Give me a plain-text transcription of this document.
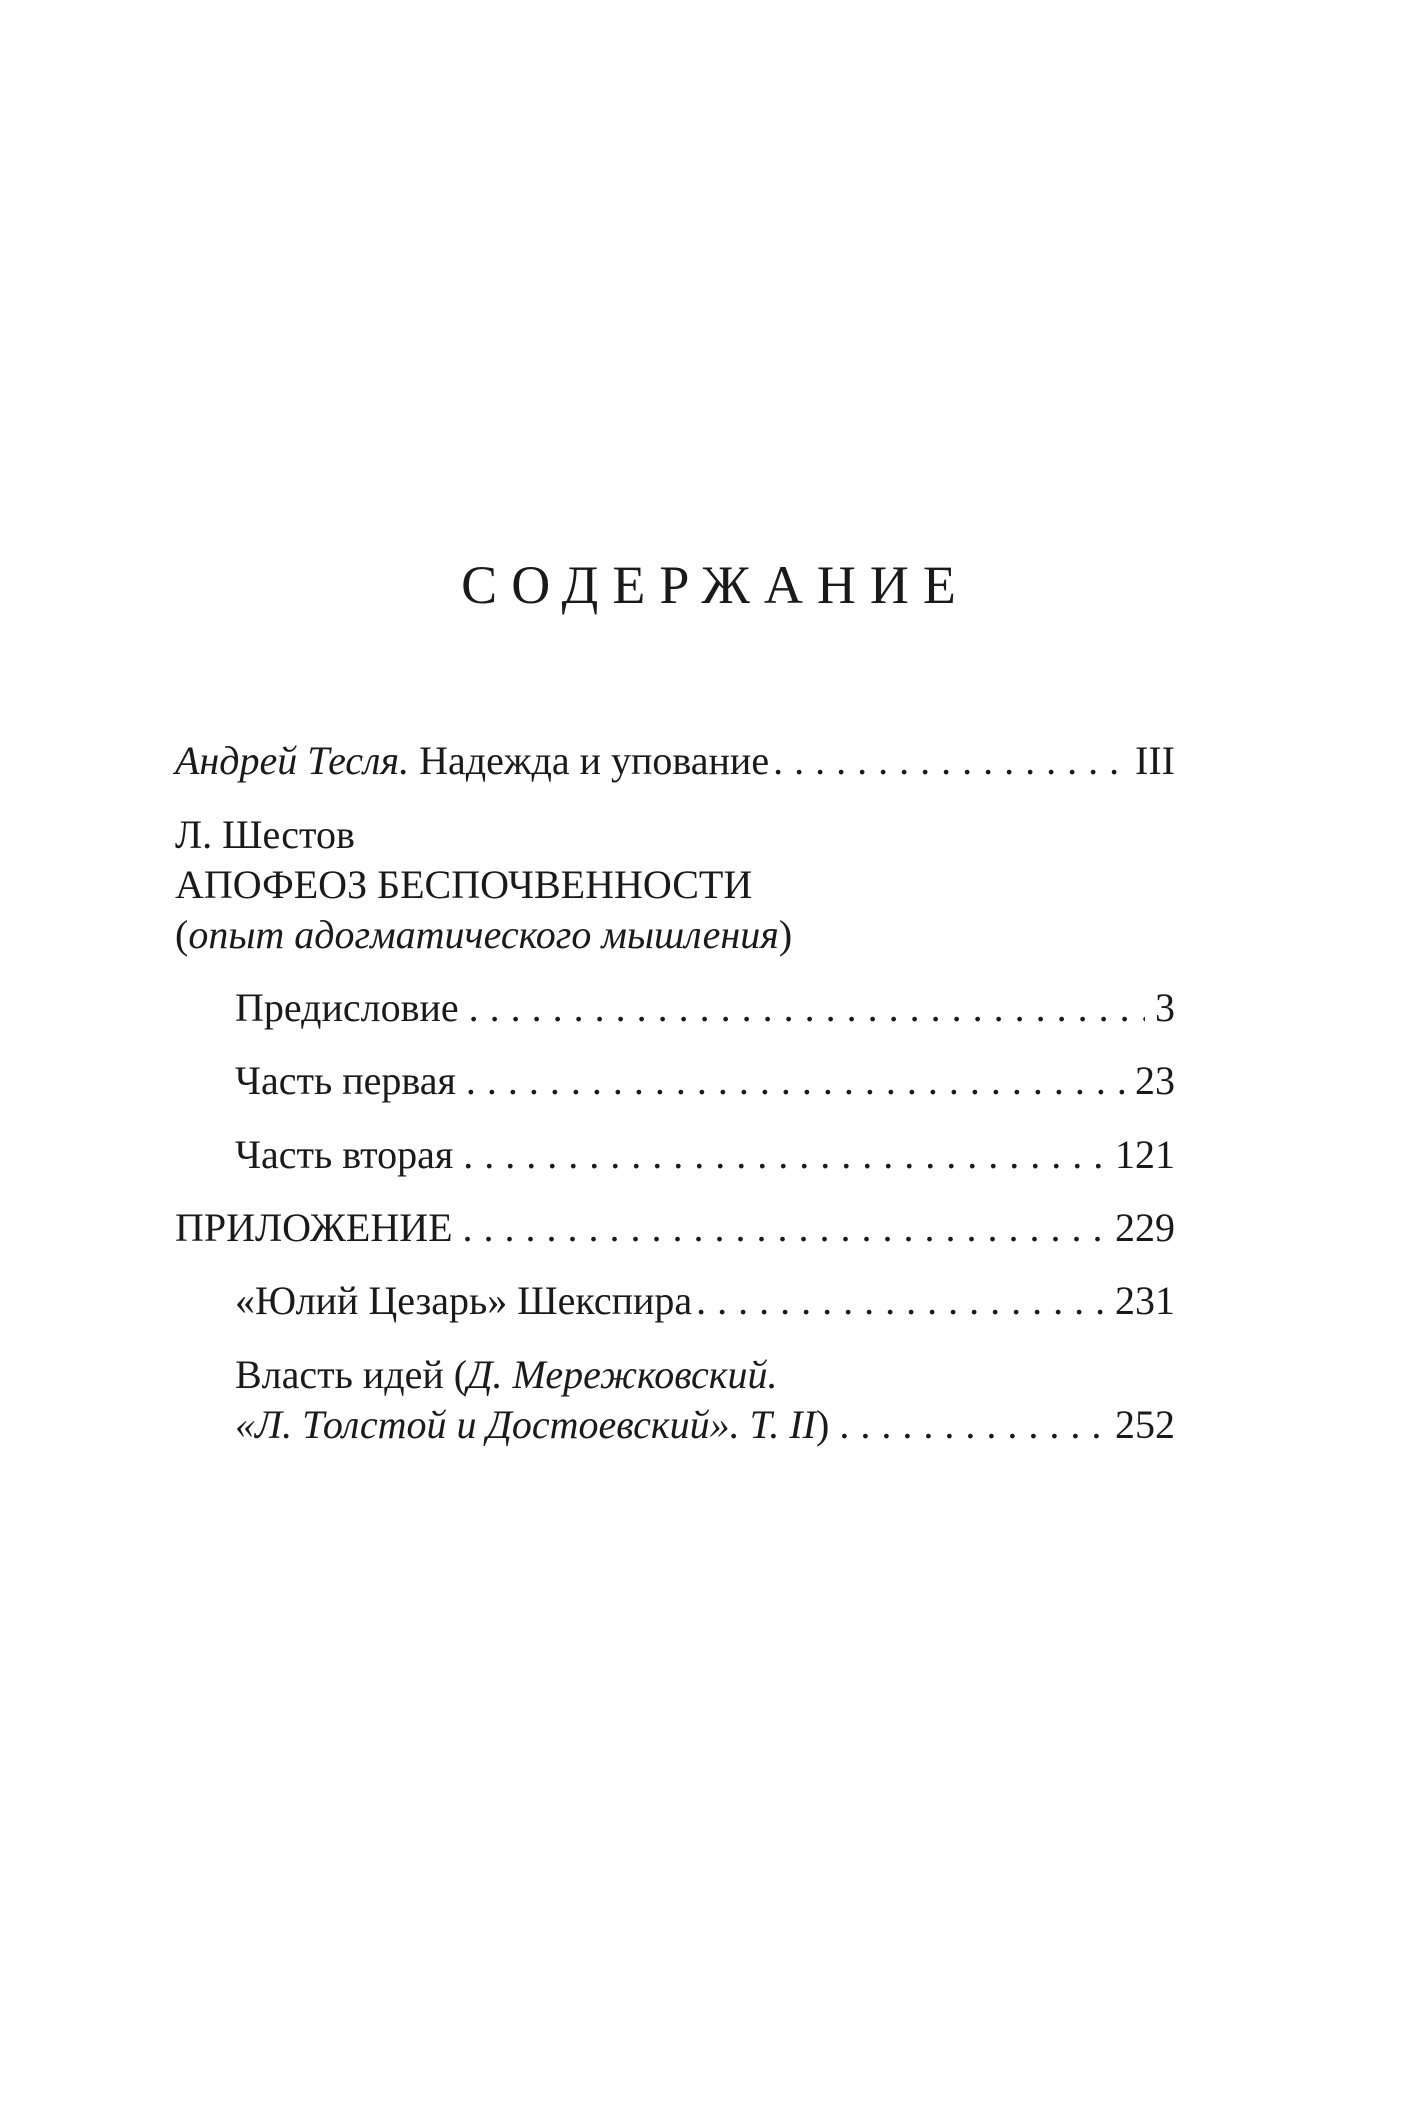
СОДЕРЖАНИЕ
Андрей Тесля. Надежда и упование . . .	III
Л. Шестов
АПОФЕОЗ БЕСПОЧВЕННОСТИ
(опыт адогматического мышления)
Предисловие . . .	3
Часть первая . . .	23
Часть вторая . . .	121
ПРИЛОЖЕНИЕ . . .	229
«Юлий Цезарь» Шекспира . . .	231
Власть идей (Д. Мережковский.
«Л. Толстой и Достоевский». Т. II) . . .	252
